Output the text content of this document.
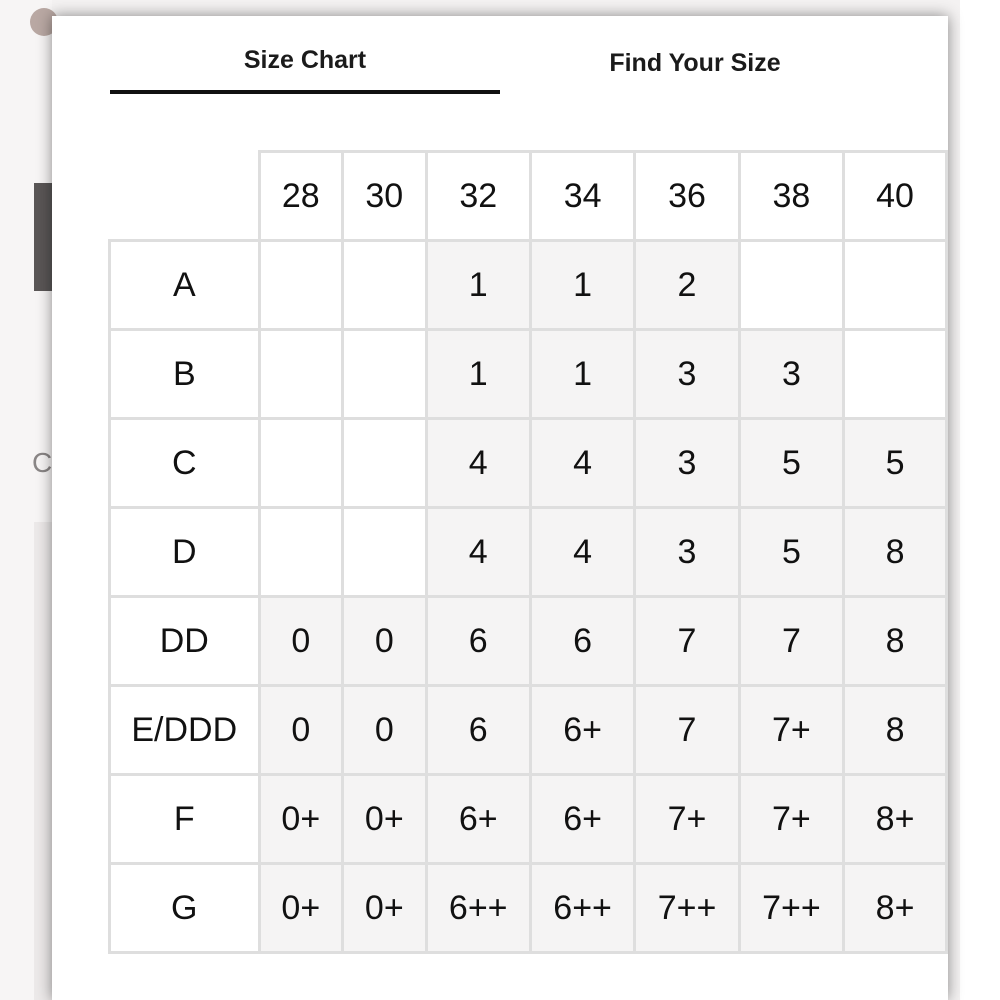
C
Size Chart	Find Your Size
	28	30	32	34	36	38	40
A			1	1	2		
B			1	1	3	3	
C			4	4	3	5	5
D			4	4	3	5	8
DD	0	0	6	6	7	7	8
E/DDD	0	0	6	6+	7	7+	8
F	0+	0+	6+	6+	7+	7+	8+
G	0+	0+	6++	6++	7++	7++	8+
